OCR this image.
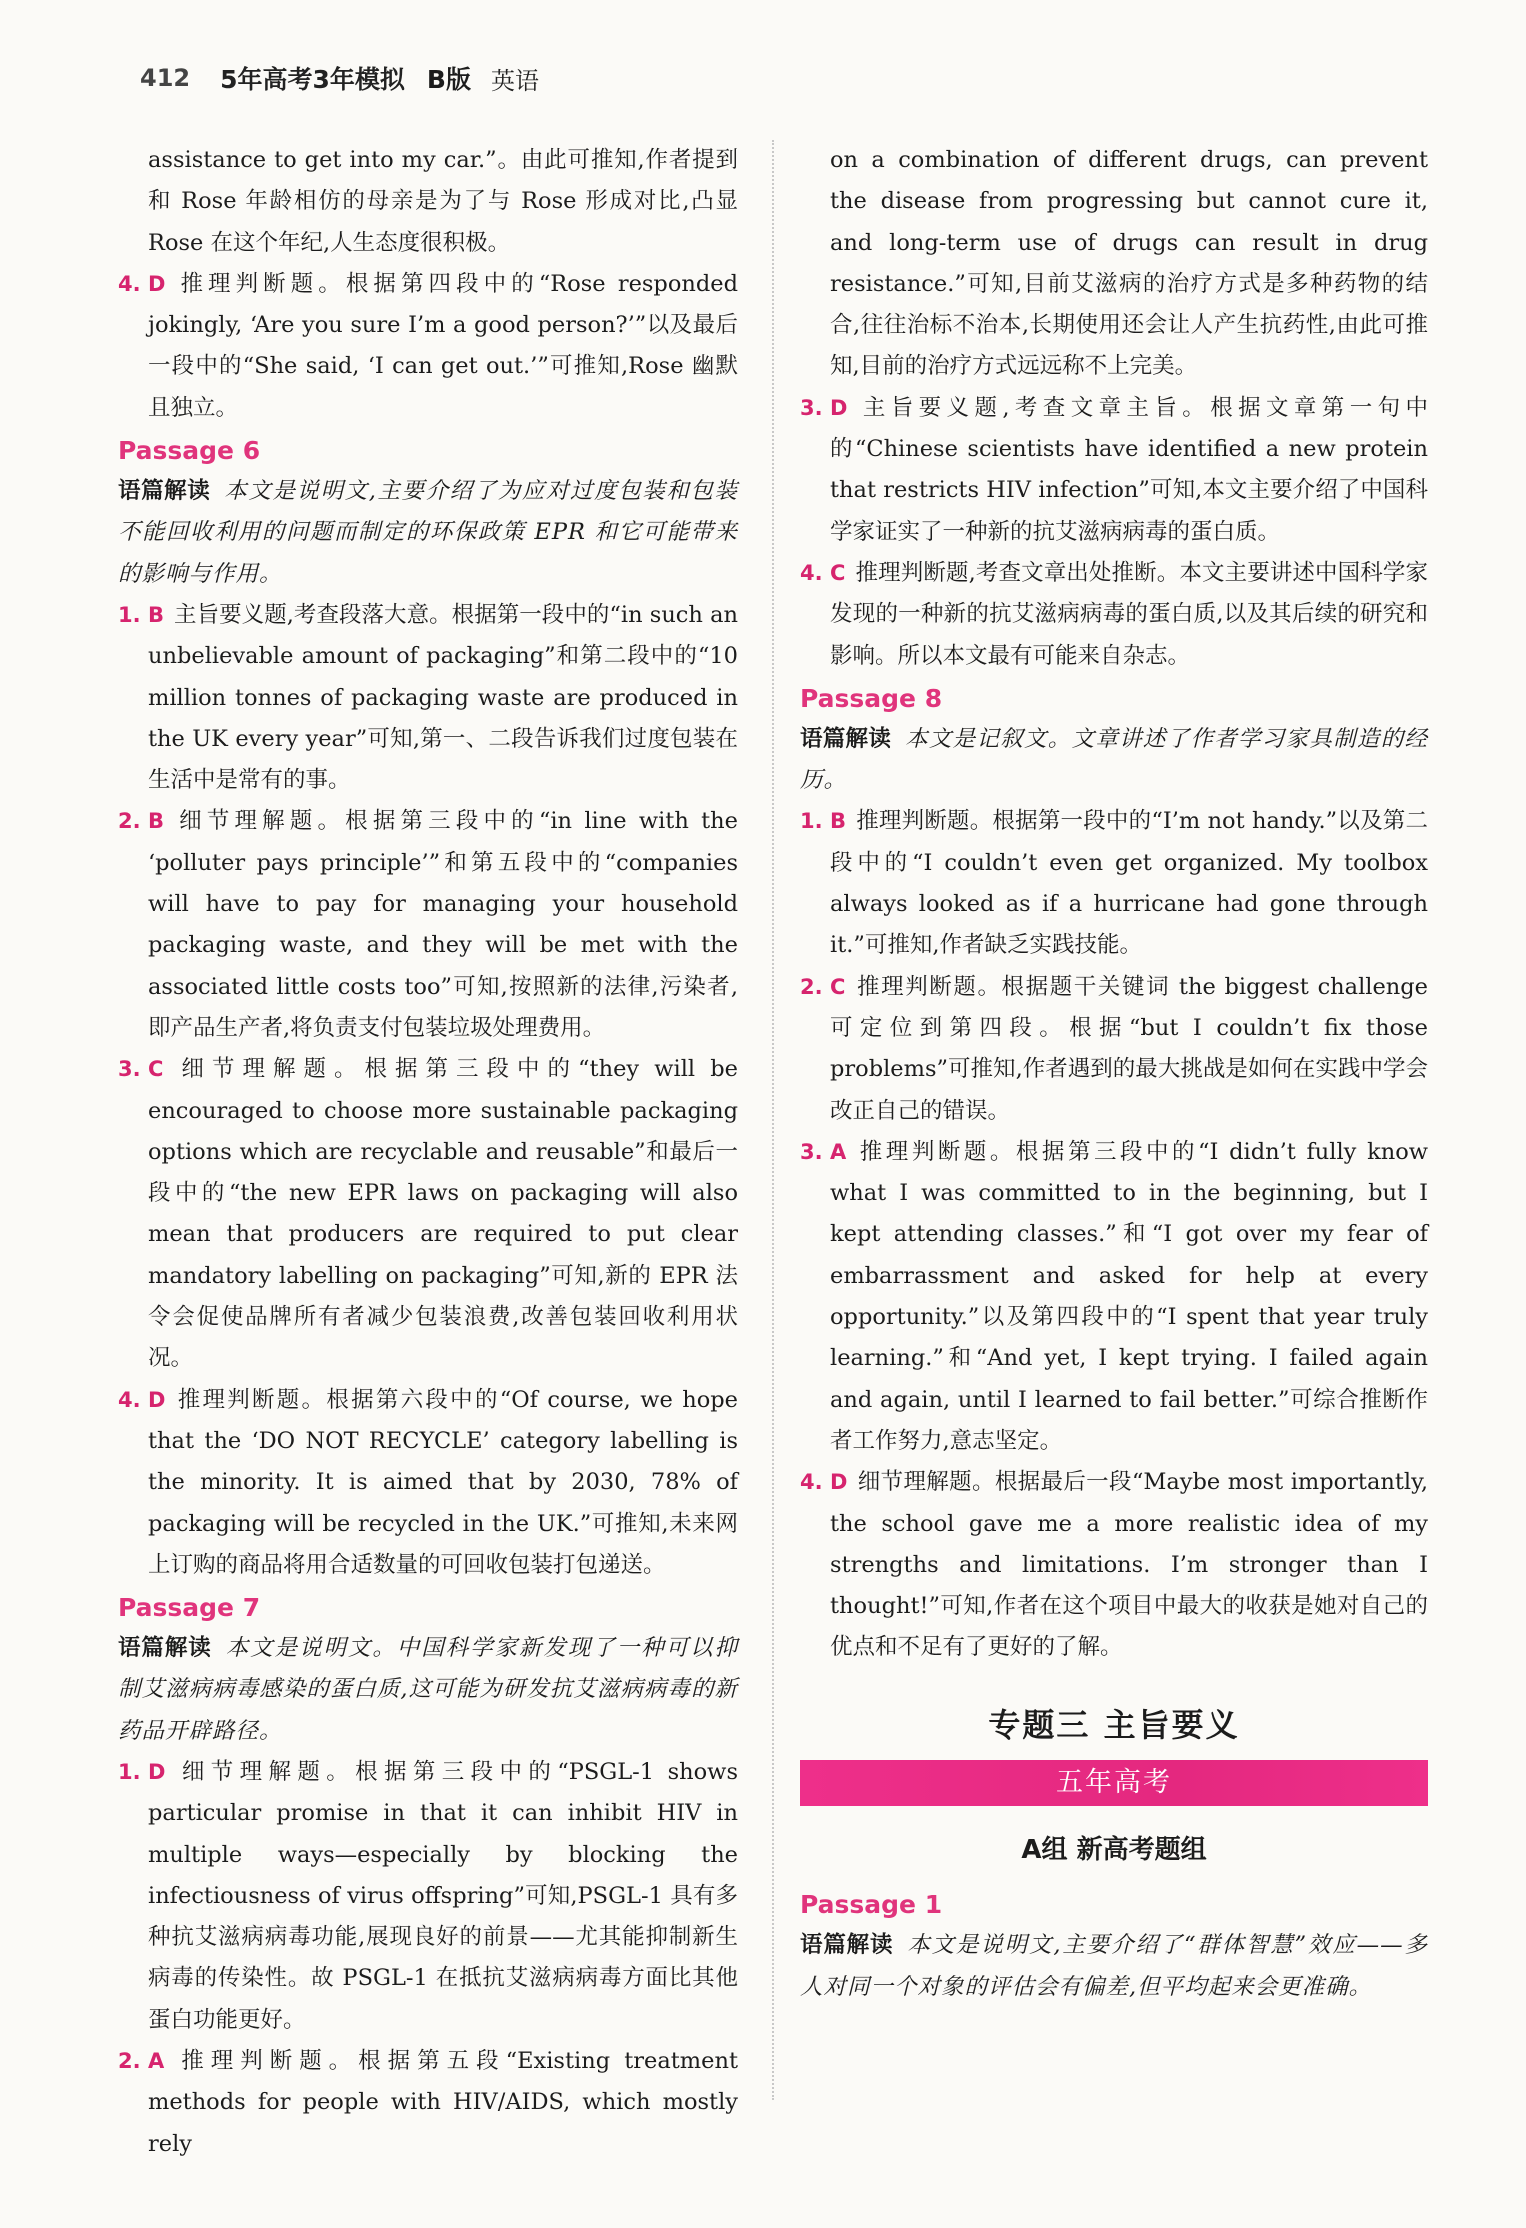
412 5年高考3年模拟 B版 英语

assistance to get into my car.”。由此可推知,作者提到和 Rose 年龄相仿的母亲是为了与 Rose 形成对比,凸显 Rose 在这个年纪,人生态度很积极。

4. D 推理判断题。根据第四段中的“Rose responded jokingly, ‘Are you sure I’m a good person?’”以及最后一段中的“She said, ‘I can get out.’”可推知,Rose 幽默且独立。
Passage 6

语篇解读 本文是说明文,主要介绍了为应对过度包装和包装不能回收利用的问题而制定的环保政策 EPR 和它可能带来的影响与作用。

1. B 主旨要义题,考查段落大意。根据第一段中的“in such an unbelievable amount of packaging”和第二段中的“10 million tonnes of packaging waste are produced in the UK every year”可知,第一、二段告诉我们过度包装在生活中是常有的事。
2. B 细节理解题。根据第三段中的“in line with the ‘polluter pays principle’”和第五段中的“companies will have to pay for managing your household packaging waste, and they will be met with the associated little costs too”可知,按照新的法律,污染者,即产品生产者,将负责支付包装垃圾处理费用。
3. C 细节理解题。根据第三段中的“they will be encouraged to choose more sustainable packaging options which are recyclable and reusable”和最后一段中的“the new EPR laws on packaging will also mean that producers are required to put clear mandatory labelling on packaging”可知,新的 EPR 法令会促使品牌所有者减少包装浪费,改善包装回收利用状况。
4. D 推理判断题。根据第六段中的“Of course, we hope that the ‘DO NOT RECYCLE’ category labelling is the minority. It is aimed that by 2030, 78% of packaging will be recycled in the UK.”可推知,未来网上订购的商品将用合适数量的可回收包装打包递送。
Passage 7

语篇解读 本文是说明文。中国科学家新发现了一种可以抑制艾滋病病毒感染的蛋白质,这可能为研发抗艾滋病病毒的新药品开辟路径。

1. D 细节理解题。根据第三段中的“PSGL-1 shows particular promise in that it can inhibit HIV in multiple ways—especially by blocking the infectiousness of virus offspring”可知,PSGL-1 具有多种抗艾滋病病毒功能,展现良好的前景——尤其能抑制新生病毒的传染性。故 PSGL-1 在抵抗艾滋病病毒方面比其他蛋白功能更好。
2. A 推理判断题。根据第五段“Existing treatment methods for people with HIV/AIDS, which mostly rely

on a combination of different drugs, can prevent the disease from progressing but cannot cure it, and long-term use of drugs can result in drug resistance.”可知,目前艾滋病的治疗方式是多种药物的结合,往往治标不治本,长期使用还会让人产生抗药性,由此可推知,目前的治疗方式远远称不上完美。

3. D 主旨要义题,考查文章主旨。根据文章第一句中的“Chinese scientists have identified a new protein that restricts HIV infection”可知,本文主要介绍了中国科学家证实了一种新的抗艾滋病病毒的蛋白质。
4. C 推理判断题,考查文章出处推断。本文主要讲述中国科学家发现的一种新的抗艾滋病病毒的蛋白质,以及其后续的研究和影响。所以本文最有可能来自杂志。
Passage 8

语篇解读 本文是记叙文。文章讲述了作者学习家具制造的经历。

1. B 推理判断题。根据第一段中的“I’m not handy.”以及第二段中的“I couldn’t even get organized. My toolbox always looked as if a hurricane had gone through it.”可推知,作者缺乏实践技能。
2. C 推理判断题。根据题干关键词 the biggest challenge 可定位到第四段。根据“but I couldn’t fix those problems”可推知,作者遇到的最大挑战是如何在实践中学会改正自己的错误。
3. A 推理判断题。根据第三段中的“I didn’t fully know what I was committed to in the beginning, but I kept attending classes.”和“I got over my fear of embarrassment and asked for help at every opportunity.”以及第四段中的“I spent that year truly learning.”和“And yet, I kept trying. I failed again and again, until I learned to fail better.”可综合推断作者工作努力,意志坚定。
4. D 细节理解题。根据最后一段“Maybe most importantly, the school gave me a more realistic idea of my strengths and limitations. I’m stronger than I thought!”可知,作者在这个项目中最大的收获是她对自己的优点和不足有了更好的了解。
专题三 主旨要义
五年高考
A组 新高考题组
Passage 1

语篇解读 本文是说明文,主要介绍了“群体智慧”效应——多人对同一个对象的评估会有偏差,但平均起来会更准确。
